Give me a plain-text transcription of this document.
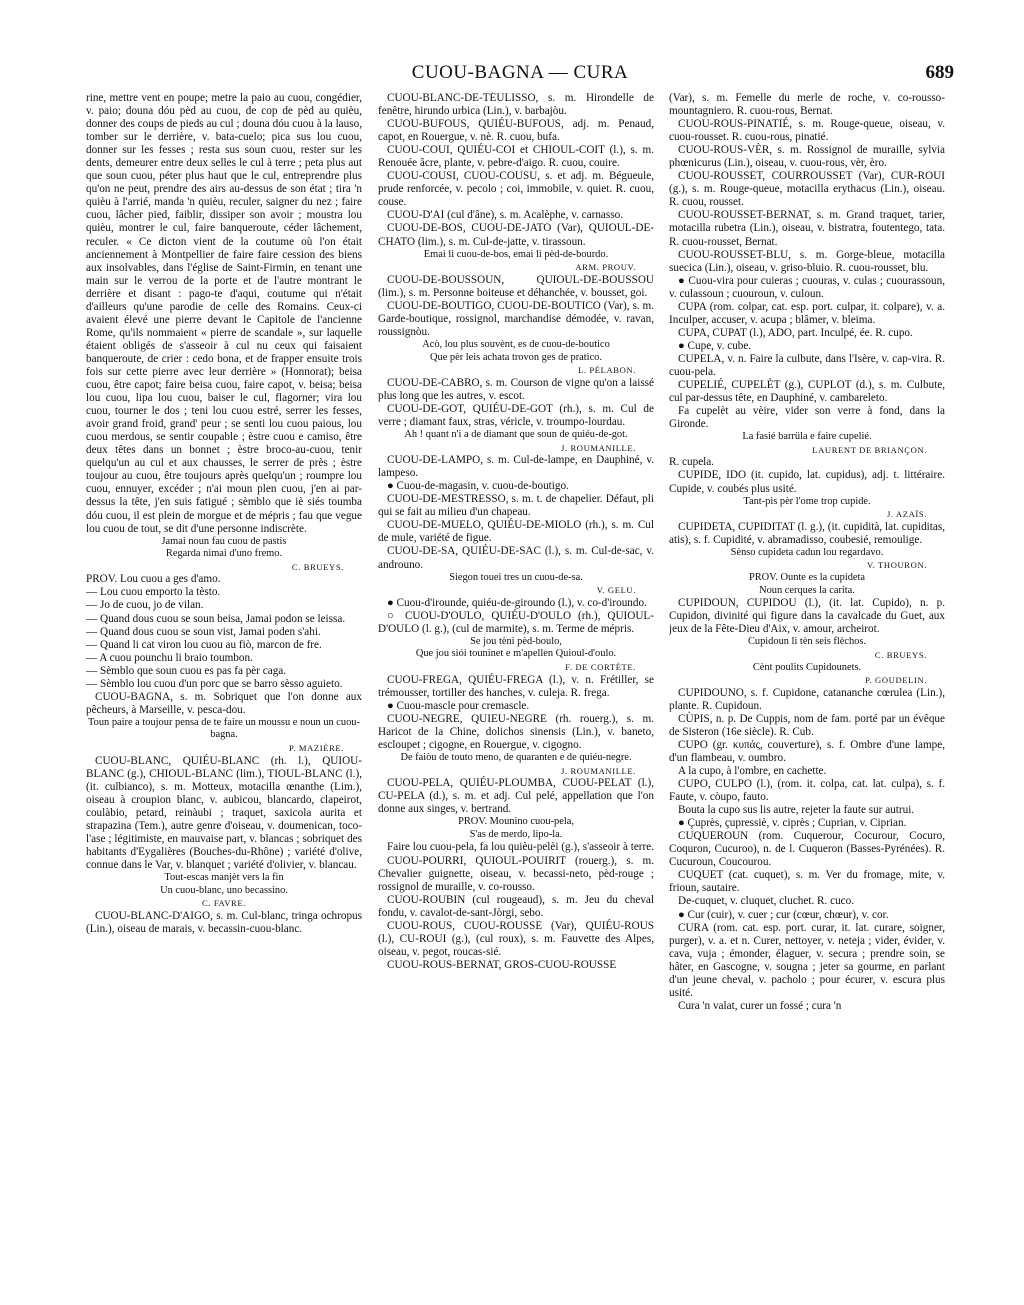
CUOU-BAGNA — CURA	689

rine, mettre vent en poupe; metre la paio au cuou, congédier, v. paio; douna dóu pèd au cuou, de cop de pèd au quièu, donner des coups de pieds au cul ; douna dóu cuou à la lauso, tomber sur le derrière, v. bata-cuelo; pica sus lou cuou, donner sur les fesses ; resta sus soun cuou, rester sur les dents, demeurer entre deux selles le cul à terre ; peta plus aut que soun cuou, péter plus haut que le cul, entreprendre plus qu'on ne peut, prendre des airs au-dessus de son état ; tira 'n quièu à l'arrié, manda 'n quièu, reculer, saigner du nez ; faire cuou, lâcher pied, faiblir, dissiper son avoir ; moustra lou quièu, montrer le cul, faire banqueroute, céder lâchement, reculer. « Ce dicton vient de la coutume où l'on était anciennement à Montpellier de faire faire cession des biens aux insolvables, dans l'église de Saint-Firmin, en tenant une main sur le verrou de la porte et de l'autre montrant le derrière et disant : pago-te d'aqui, coutume qui n'était d'ailleurs qu'une parodie de celle des Romains. Ceux-ci avaient élevé une pierre devant le Capitole de l'ancienne Rome, qu'ils nommaient « pierre de scandale », sur laquelle étaient obligés de s'asseoir à cul nu ceux qui faisaient banqueroute, de crier : cedo bona, et de frapper ensuite trois fois sur cette pierre avec leur derrière » (Honnorat); beisa cuou, être capot; faire beisa cuou, faire capot, v. beisa; beisa lou cuou, lipa lou cuou, baiser le cul, flagorner; vira lou cuou, tourner le dos ; teni lou cuou estré, serrer les fesses, avoir grand froid, grand' peur ; se senti lou cuou paious, lou cuou merdous, se sentir coupable ; èstre cuou e camiso, être deux têtes dans un bonnet ; èstre broco-au-cuou, tenir quelqu'un au cul et aux chausses, le serrer de près ; èstre toujour au cuou, être toujours après quelqu'un ; roumpre lou cuou, ennuyer, excéder ; n'ai moun plen cuou, j'en ai par-dessus la tête, j'en suis fatigué ; sèmblo que iè siés toumba dóu cuou, il est plein de morgue et de mépris ; fau que vegue lou cuou de tout, se dit d'une personne indiscrète.

Jamai noun fau cuou de pastis

Regarda nimai d'uno fremo.

C. BRUEYS.

PROV. Lou cuou a ges d'amo.

— Lou cuou emporto la tèsto.

— Jo de cuou, jo de vilan.

— Quand dous cuou se soun beisa, Jamai podon se leissa.

— Quand dous cuou se soun vist, Jamai poden s'ahi.

— Quand li cat viron lou cuou au fiò, marcon de fre.

— A cuou pounchu li braio toumbon.

— Sèmblo que soun cuou es pas fa pèr caga.

— Sèmblo lou cuou d'un porc que se barro sèsso aguieto.

CUOU-BAGNA, s. m. Sobriquet que l'on donne aux pêcheurs, à Marseille, v. pesca-dou.

Toun paire a toujour pensa de te faire un moussu e noun un cuou-bagna.

P. MAZIÈRE.

CUOU-BLANC, QUIÉU-BLANC (rh. l.), QUIOU-BLANC (g.), CHIOUL-BLANC (lim.), TIOUL-BLANC (l.), (it. culbianco), s. m. Motteux, motacilla œnanthe (Lim.), oiseau à croupion blanc, v. aubicou, blancardo, clapeirot, coulàbio, petard, reinàubi ; traquet, saxicola aurita et strapazina (Tem.), autre genre d'oiseau, v. doumenican, toco-l'ase ; légitimiste, en mauvaise part, v. blancas ; sobriquet des habitants d'Eygalières (Bouches-du-Rhône) ; variété d'olive, connue dans le Var, v. blanquet ; variété d'olivier, v. blancau.

Tout-escas manjèt vers la fin

Un cuou-blanc, uno becassino.

C. FAVRE.

CUOU-BLANC-D'AIGO, s. m. Cul-blanc, tringa ochropus (Lin.), oiseau de marais, v. becassin-cuou-blanc.

CUOU-BLANC-DE-TÉULISSO, s. m. Hirondelle de fenêtre, hirundo urbica (Lin.), v. barbajòu.

CUOU-BUFOUS, QUIÉU-BUFOUS, adj. m. Penaud, capot, en Rouergue, v. nè. R. cuou, bufa.

CUOU-COUI, QUIÉU-COI et CHIOUL-COIT (l.), s. m. Renouée âcre, plante, v. pebre-d'aigo. R. cuou, couire.

CUOU-COUSI, CUOU-COUSU, s. et adj. m. Bégueule, prude renforcée, v. pecolo ; coi, immobile, v. quiet. R. cuou, couse.

CUOU-D'AI (cul d'âne), s. m. Acalèphe, v. carnasso.

CUOU-DE-BOS, CUOU-DE-JATO (Var), QUIOUL-DE-CHATO (lim.), s. m. Cul-de-jatte, v. tirassoun.

Emai li cuou-de-bos, emai li pèd-de-bourdo.

ARM. PROUV.

CUOU-DE-BOUSSOUN, QUIOUL-DE-BOUSSOU (lim.), s. m. Personne boiteuse et déhanchée, v. bousset, goi.

CUOU-DE-BOUTIGO, CUOU-DE-BOUTICO (Var), s. m. Garde-boutique, rossignol, marchandise démodée, v. ravan, roussignòu.

Acò, lou plus souvènt, es de cuou-de-boutico

Que pèr leis achata trovon ges de pratico.

L. PÉLABON.

CUOU-DE-CABRO, s. m. Courson de vigne qu'on a laissé plus long que les autres, v. escot.

CUOU-DE-GOT, QUIÉU-DE-GOT (rh.), s. m. Cul de verre ; diamant faux, stras, véricle, v. troumpo-lourdau.

Ah ! quant n'i a de diamant que soun de quiéu-de-got.

J. ROUMANILLE.

CUOU-DE-LAMPO, s. m. Cul-de-lampe, en Dauphiné, v. lampeso.

● Cuou-de-magasin, v. cuou-de-boutigo.

CUOU-DE-MESTRESSO, s. m. t. de chapelier. Défaut, pli qui se fait au milieu d'un chapeau.

CUOU-DE-MUELO, QUIÉU-DE-MIOLO (rh.), s. m. Cul de mule, variété de figue.

CUOU-DE-SA, QUIÉU-DE-SAC (l.), s. m. Cul-de-sac, v. androuno.

Siegon touei tres un cuou-de-sa.

V. GELU.

● Cuou-d'irounde, quiéu-de-giroundo (l.), v. co-d'iroundo.

○ CUOU-D'OULO, QUIÉU-D'OULO (rh.), QUIOUL-D'OULO (l. g.), (cul de marmite), s. m. Terme de mépris.

Se jou tèni pèd-boulo,

Que jou siói touninet e m'apellen Quioul-d'oulo.

F. DE CORTÈTE.

CUOU-FREGA, QUIÉU-FREGA (l.), v. n. Frétiller, se trémousser, tortiller des hanches, v. culeja. R. frega.

● Cuou-mascle pour cremascle.

CUOU-NEGRE, QUIEU-NEGRE (rh. rouerg.), s. m. Haricot de la Chine, dolichos sinensis (Lin.), v. baneto, escloupet ; cigogne, en Rouergue, v. cigogno.

De faiòu de touto meno, de quaranten e de quiéu-negre.

J. ROUMANILLE.

CUOU-PELA, QUIÉU-PLOUMBA, CUOU-PELAT (l.), CU-PELA (d.), s. m. et adj. Cul pelé, appellation que l'on donne aux singes, v. bertrand.

PROV. Mounino cuou-pela,

S'as de merdo, lipo-la.

Faire lou cuou-pela, fa lou quièu-pelèi (g.), s'asseoir à terre.

CUOU-POURRI, QUIOUL-POUIRIT (rouerg.), s. m. Chevalier guignette, oiseau, v. becassi-neto, pèd-rouge ; rossignol de muraille, v. co-rousso.

CUOU-ROUBIN (cul rougeaud), s. m. Jeu du cheval fondu, v. cavalot-de-sant-Jòrgi, sebo.

CUOU-ROUS, CUOU-ROUSSE (Var), QUIÉU-ROUS (l.), CU-ROUI (g.), (cul roux), s. m. Fauvette des Alpes, oiseau, v. pegot, roucas-sié.

CUOU-ROUS-BERNAT, GROS-CUOU-ROUSSE

(Var), s. m. Femelle du merle de roche, v. co-rousso-mountagniero. R. cuou-rous, Bernat.

CUOU-ROUS-PINATIÉ, s. m. Rouge-queue, oiseau, v. cuou-rousset. R. cuou-rous, pinatié.

CUOU-ROUS-VÈR, s. m. Rossignol de muraille, sylvia phœnicurus (Lin.), oiseau, v. cuou-rous, vèr, èro.

CUOU-ROUSSET, COURROUSSET (Var), CUR-ROUI (g.), s. m. Rouge-queue, motacilla erythacus (Lin.), oiseau. R. cuou, rousset.

CUOU-ROUSSET-BERNAT, s. m. Grand traquet, tarier, motacilla rubetra (Lin.), oiseau, v. bistratra, foutentego, tata. R. cuou-rousset, Bernat.

CUOU-ROUSSET-BLU, s. m. Gorge-bleue, motacilla suecica (Lin.), oiseau, v. griso-bluio. R. cuou-rousset, blu.

● Cuou-vira pour cuieras ; cuouras, v. culas ; cuourassoun, v. culassoun ; cuouroun, v. culoun.

CUPA (rom. colpar, cat. esp. port. culpar, it. colpare), v. a. Inculper, accuser, v. acupa ; blâmer, v. bleima.

CUPA, CUPAT (l.), ADO, part. Inculpé, ée. R. cupo.

● Cupe, v. cube.

CUPELA, v. n. Faire la culbute, dans l'Isère, v. cap-vira. R. cuou-pela.

CUPELIÉ, CUPELÈT (g.), CUPLOT (d.), s. m. Culbute, cul par-dessus tête, en Dauphiné, v. cambareleto.

Fa cupelèt au vèire, vider son verre à fond, dans la Gironde.

La fasié barrüla e faire cupelié.

LAURENT DE BRIANÇON.

R. cupela.

CUPIDE, IDO (it. cupido, lat. cupidus), adj. t. littéraire. Cupide, v. coubés plus usité.

Tant-pis pèr l'ome trop cupide.

J. AZAÏS.

CUPIDETA, CUPIDITAT (l. g.), (it. cupidità, lat. cupiditas, atis), s. f. Cupidité, v. abramadisso, coubesié, remoulige.

Sènso cupideta cadun lou regardavo.

V. THOURON.

PROV. Ounte es la cupideta

Noun cerques la carita.

CUPIDOUN, CUPIDOU (l.), (it. lat. Cupido), n. p. Cupidon, divinité qui figure dans la cavalcade du Guet, aux jeux de la Fête-Dieu d'Aix, v. amour, archeirot.

Cupidoun li tèn seis flèchos.

C. BRUEYS.

Cènt poulits Cupidounets.

P. GOUDELIN.

CUPIDOUNO, s. f. Cupidone, catananche cœrulea (Lin.), plante. R. Cupidoun.

CÙPIS, n. p. De Cuppis, nom de fam. porté par un évêque de Sisteron (16e siècle). R. Cub.

CUPO (gr. κυπάς, couverture), s. f. Ombre d'une lampe, d'un flambeau, v. oumbro.

A la cupo, à l'ombre, en cachette.

CUPO, CULPO (l.), (rom. it. colpa, cat. lat. culpa), s. f. Faute, v. còupo, fauto.

Bouta la cupo sus lis autre, rejeter la faute sur autrui.

● Çuprès, çupressiè, v. ciprès ; Cuprian, v. Ciprian.

CUQUEROUN (rom. Cuquerour, Cocurour, Cocuro, Coquron, Cucuroo), n. de l. Cuqueron (Basses-Pyrénées). R. Cucuroun, Coucourou.

CUQUET (cat. cuquet), s. m. Ver du fromage, mite, v. frioun, sautaire.

De-cuquet, v. cluquet, cluchet. R. cuco.

● Cur (cuir), v. cuer ; cur (cœur, chœur), v. cor.

CURA (rom. cat. esp. port. curar, it. lat. curare, soigner, purger), v. a. et n. Curer, nettoyer, v. neteja ; vider, évider, v. cava, vuja ; émonder, élaguer, v. secura ; prendre soin, se hâter, en Gascogne, v. sougna ; jeter sa gourme, en parlant d'un jeune cheval, v. pacholo ; pour écurer, v. escura plus usité.

Cura 'n valat, curer un fossé ; cura 'n
